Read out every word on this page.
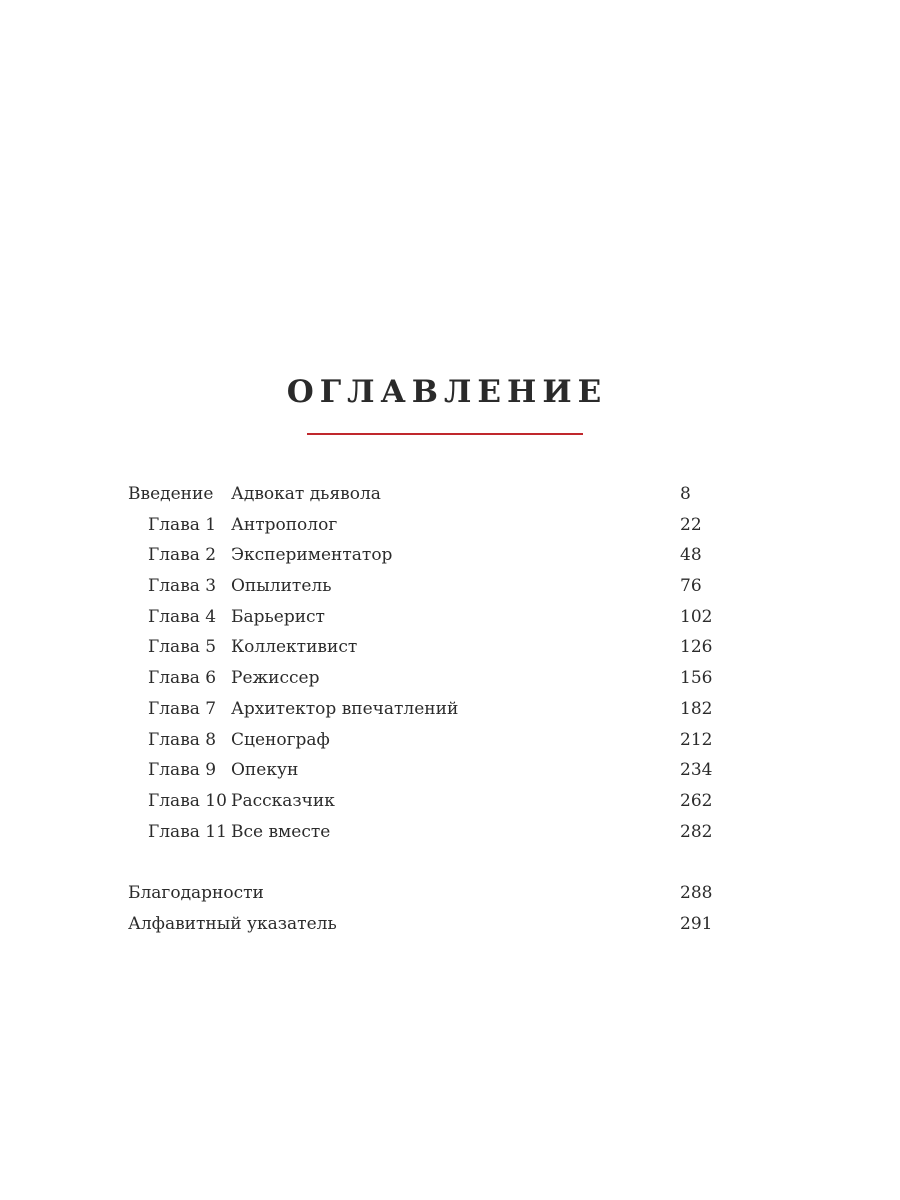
ОГЛАВЛЕНИЕ
Введение Адвокат дьявола	8
Глава 1 Антрополог	22
Глава 2 Экспериментатор	48
Глава 3 Опылитель	76
Глава 4 Барьерист	102
Глава 5 Коллективист	126
Глава 6 Режиссер	156
Глава 7 Архитектор впечатлений	182
Глава 8 Сценограф	212
Глава 9 Опекун	234
Глава 10 Рассказчик	262
Глава 11 Все вместе	282
Благодарности	288
Алфавитный указатель	291
